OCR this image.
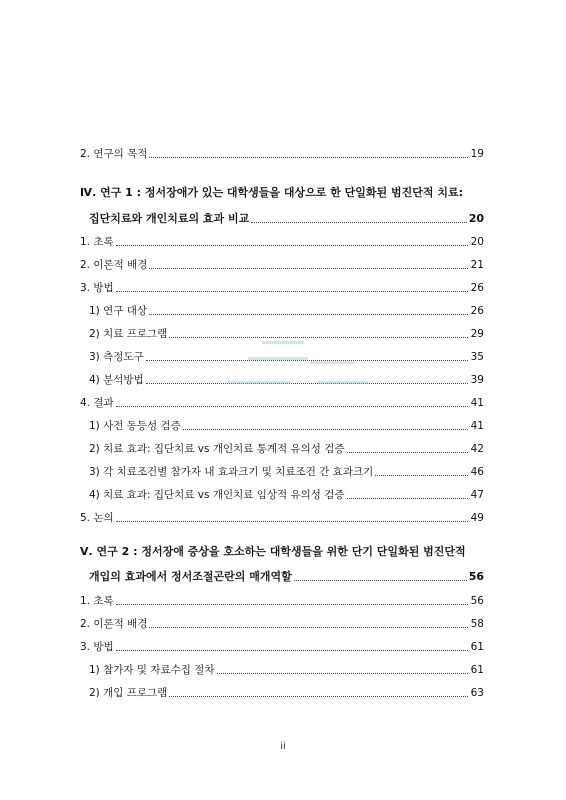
2. 연구의 목적	19
Ⅳ. 연구 1 : 정서장애가 있는 대학생들을 대상으로 한 단일화된 범진단적 치료:
집단치료와 개인치료의 효과 비교	20
1. 초록	20
2. 이론적 배경	21
3. 방법	26
1) 연구 대상	26
2) 치료 프로그램	29
3) 측정도구	35
4) 분석방법	39
4. 결과	41
1) 사전 동등성 검증	41
2) 치료 효과: 집단치료 vs 개인치료 통계적 유의성 검증	42
3) 각 치료조건별 참가자 내 효과크기 및 치료조건 간 효과크기	46
4) 치료 효과: 집단치료 vs 개인치료 임상적 유의성 검증	47
5. 논의	49
Ⅴ. 연구 2 : 정서장애 증상을 호소하는 대학생들을 위한 단기 단일화된 범진단적
개입의 효과에서 정서조절곤란의 매개역할	56
1. 초록	56
2. 이론적 배경	58
3. 방법	61
1) 참가자 및 자료수집 절차	61
2) 개입 프로그램	63
ii
